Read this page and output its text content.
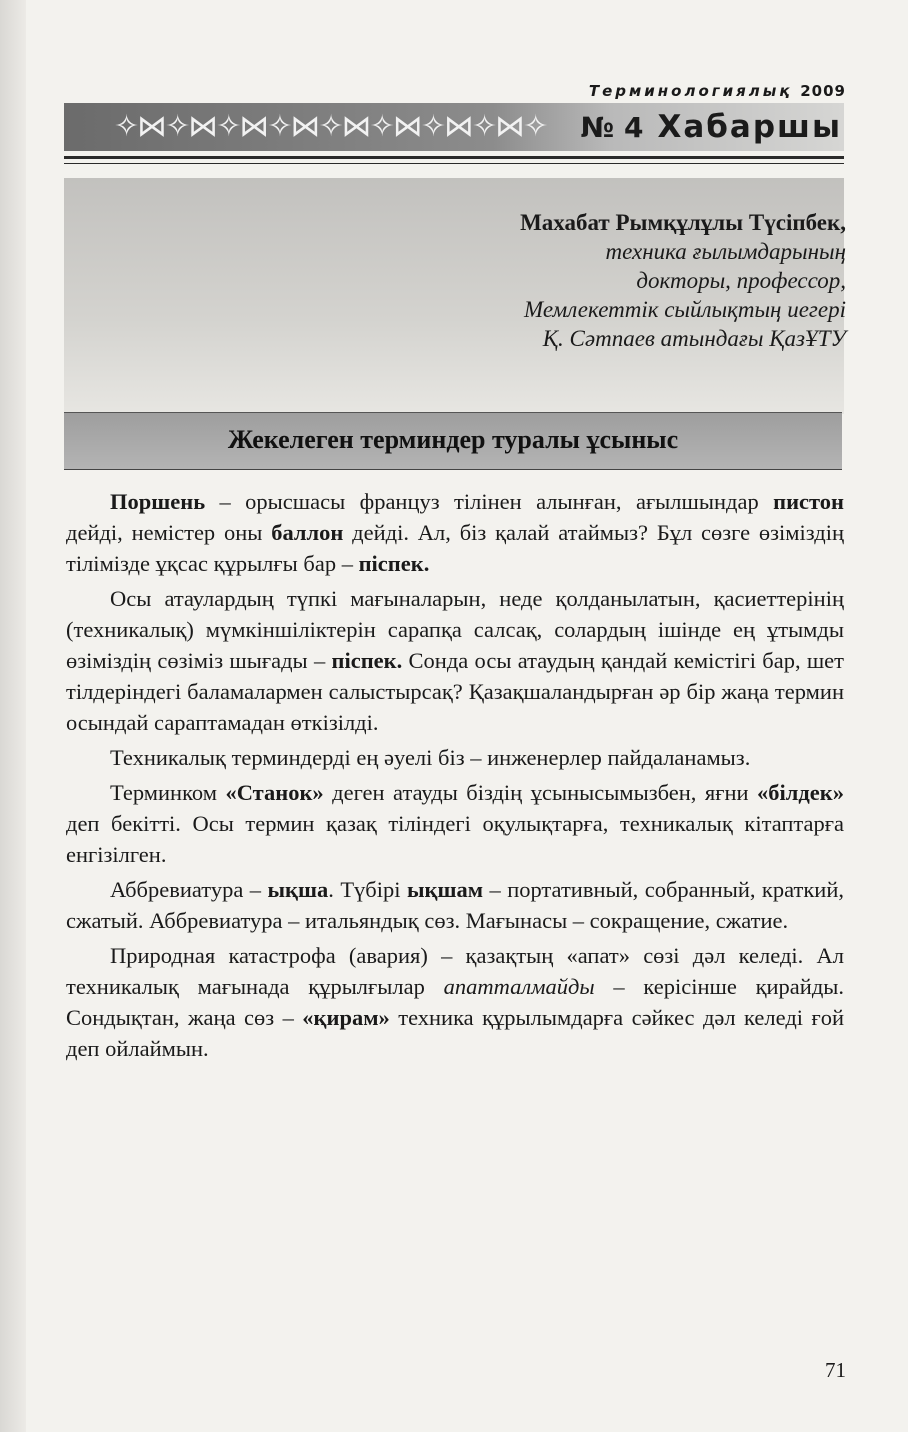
Терминологиялық 2009
✧⋈✧⋈✧⋈✧⋈✧⋈✧⋈✧⋈✧⋈✧ № 4 Хабаршы
Махабат Рымқұлұлы Түсіпбек,
техника ғылымдарының
докторы, профессор,
Мемлекеттік сыйлықтың иегері
Қ. Сәтпаев атындағы ҚазҰТУ
Жекелеген терминдер туралы ұсыныс

Поршень – орысшасы француз тілінен алынған, ағылшындар пистон дейді, немістер оны баллон дейді. Ал, біз қалай атаймыз? Бұл сөзге өзіміздің тілімізде ұқсас құрылғы бар – піспек.

Осы атаулардың түпкі мағыналарын, неде қолданылатын, қасиеттерінің (техникалық) мүмкіншіліктерін сарапқа салсақ, солардың ішінде ең ұтымды өзіміздің сөзіміз шығады – піспек. Сонда осы атаудың қандай кемістігі бар, шет тілдеріндегі баламалармен салыстырсақ? Қазақшаландырған әр бір жаңа термин осындай сараптамадан өткізілді.

Техникалық терминдерді ең әуелі біз – инженерлер пайдаланамыз.

Терминком «Станок» деген атауды біздің ұсынысымызбен, яғни «білдек» деп бекітті. Осы термин қазақ тіліндегі оқулықтарға, техникалық кітаптарға енгізілген.

Аббревиатура – ықша. Түбірі ықшам – портативный, собранный, краткий, сжатый. Аббревиатура – итальяндық сөз. Мағынасы – сокращение, сжатие.

Природная катастрофа (авария) – қазақтың «апат» сөзі дәл келеді. Ал техникалық мағынада құрылғылар апатталмайды – керісінше қирайды. Сондықтан, жаңа сөз – «қирам» техника құрылымдарға сәйкес дәл келеді ғой деп ойлаймын.

71
